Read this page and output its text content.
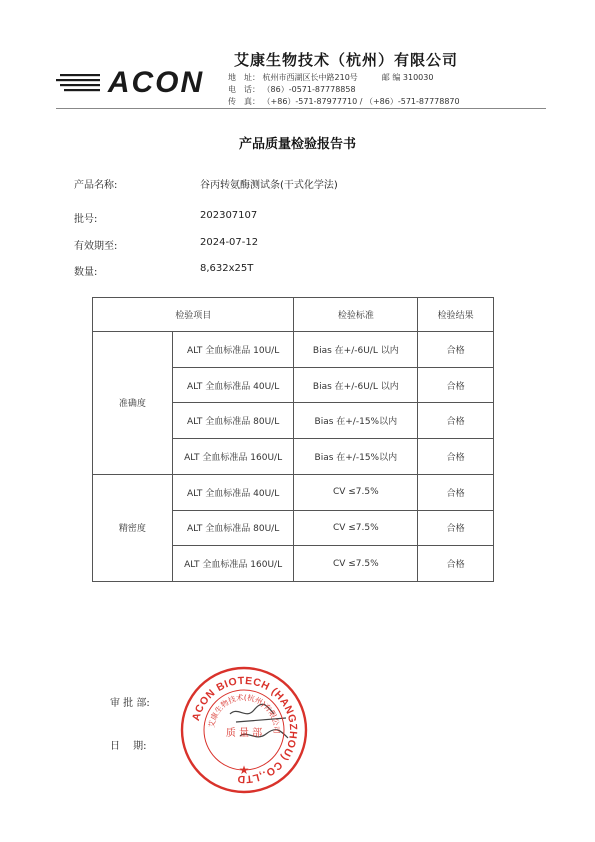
ACON
艾康生物技术（杭州）有限公司
地　址： 杭州市西湖区长中路210号　　　邮 编 310030
电　话： （86）-0571-87778858
传　真： （+86）-571-87977710 / （+86）-571-87778870
产品质量检验报告书
产品名称:	谷丙转氨酶测试条(干式化学法)
批号:	202307107
有效期至:	2024-07-12
数量:	8,632x25T
检验项目		检验标准	检验结果
准确度	ALT 全血标准品 10U/L	Bias 在+/-6U/L 以内	合格
	ALT 全血标准品 40U/L	Bias 在+/-6U/L 以内	合格
	ALT 全血标准品 80U/L	Bias 在+/-15%以内	合格
	ALT 全血标准品 160U/L	Bias 在+/-15%以内	合格
精密度	ALT 全血标准品 40U/L	CV ≤7.5%	合格
	ALT 全血标准品 80U/L	CV ≤7.5%	合格
	ALT 全血标准品 160U/L	CV ≤7.5%	合格
审 批 部:
日　 期:
ACON BIOTECH (HANGZHOU) CO.,LTD
艾康生物技术(杭州)有限公司
质 量 部
★
